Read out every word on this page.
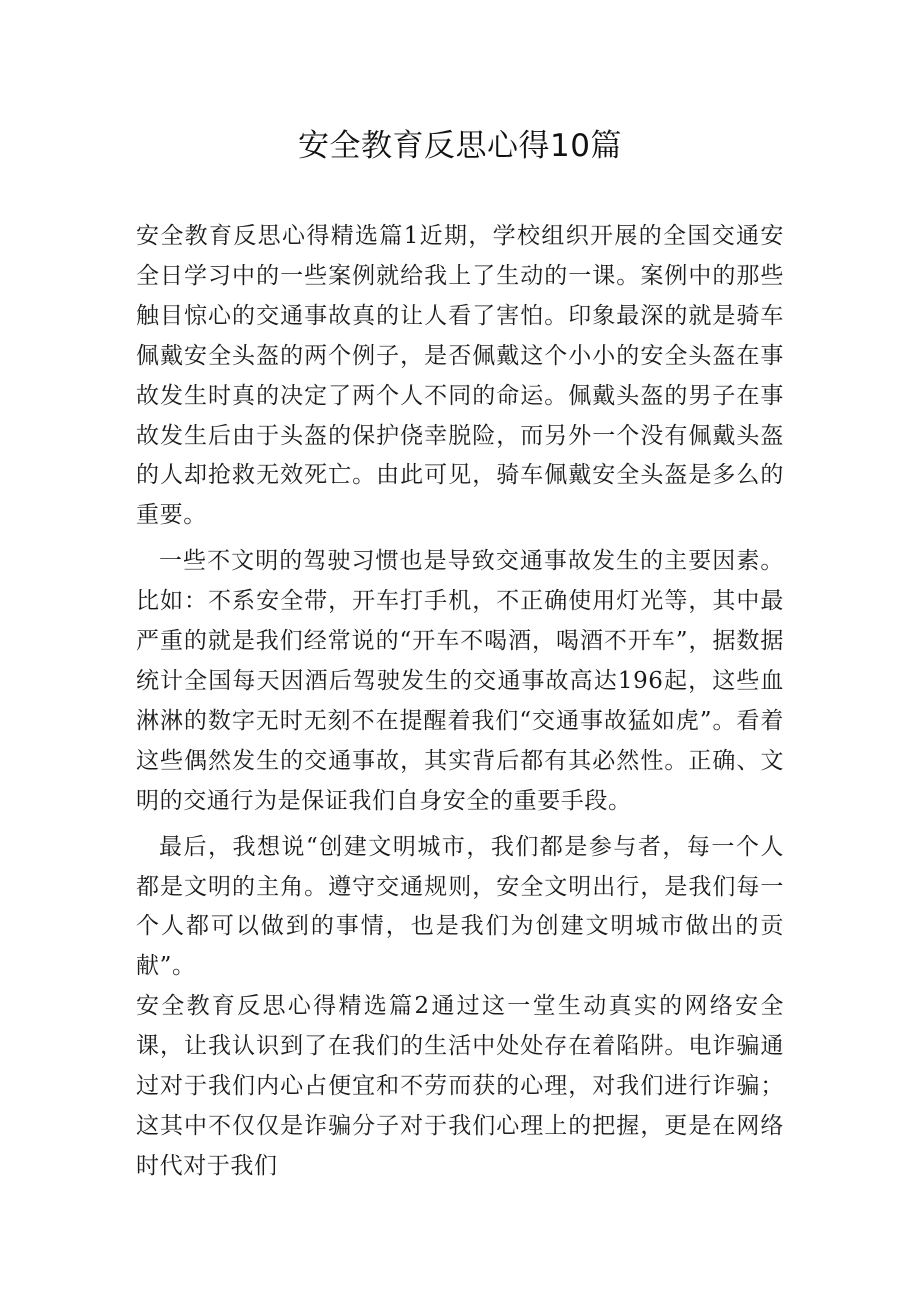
安全教育反思心得10篇

安全教育反思心得精选篇1近期，学校组织开展的全国交通安全日学习中的一些案例就给我上了生动的一课。案例中的那些触目惊心的交通事故真的让人看了害怕。印象最深的就是骑车佩戴安全头盔的两个例子，是否佩戴这个小小的安全头盔在事故发生时真的决定了两个人不同的命运。佩戴头盔的男子在事故发生后由于头盔的保护侥幸脱险，而另外一个没有佩戴头盔的人却抢救无效死亡。由此可见，骑车佩戴安全头盔是多么的重要。

一些不文明的驾驶习惯也是导致交通事故发生的主要因素。比如：不系安全带，开车打手机，不正确使用灯光等，其中最严重的就是我们经常说的“开车不喝酒，喝酒不开车”，据数据统计全国每天因酒后驾驶发生的交通事故高达196起，这些血淋淋的数字无时无刻不在提醒着我们“交通事故猛如虎”。看着这些偶然发生的交通事故，其实背后都有其必然性。正确、文明的交通行为是保证我们自身安全的重要手段。

最后，我想说“创建文明城市，我们都是参与者，每一个人都是文明的主角。遵守交通规则，安全文明出行，是我们每一个人都可以做到的事情，也是我们为创建文明城市做出的贡献”。

安全教育反思心得精选篇2通过这一堂生动真实的网络安全课，让我认识到了在我们的生活中处处存在着陷阱。电诈骗通过对于我们内心占便宜和不劳而获的心理，对我们进行诈骗；这其中不仅仅是诈骗分子对于我们心理上的把握，更是在网络时代对于我们
